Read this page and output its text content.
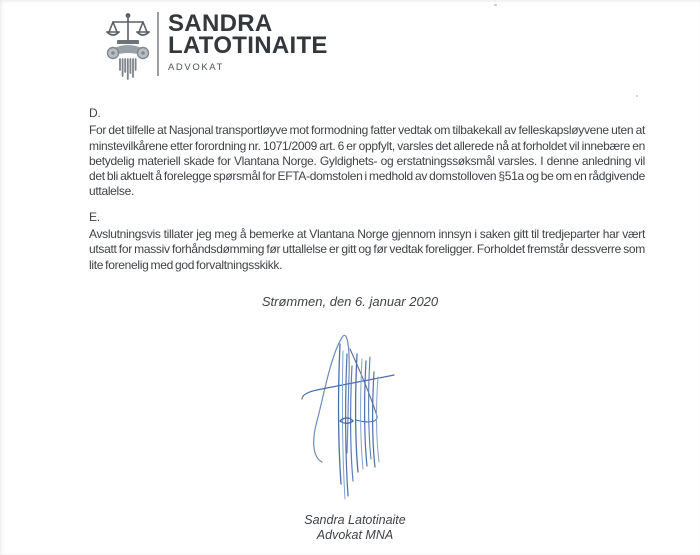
SANDRA
LATOTINAITE
ADVOKAT

D.

For det tilfelle at Nasjonal transportløyve mot formodning fatter vedtak om tilbakekall av felleskapsløyvene uten at minstevilkårene etter forordning nr. 1071/2009 art. 6 er oppfylt, varsles det allerede nå at forholdet vil innebære en betydelig materiell skade for Vlantana Norge. Gyldighets- og erstatningssøksmål varsles. I denne anledning vil det bli aktuelt å forelegge spørsmål for EFTA-domstolen i medhold av domstolloven §51a og be om en rådgivende uttalelse.

E.

Avslutningsvis tillater jeg meg å bemerke at Vlantana Norge gjennom innsyn i saken gitt til tredjeparter har vært utsatt for massiv forhåndsdømming før uttallelse er gitt og før vedtak foreligger. Forholdet fremstår dessverre som lite forenelig med god forvaltningsskikk.

Strømmen, den 6. januar 2020
Sandra Latotinaite
Advokat MNA
